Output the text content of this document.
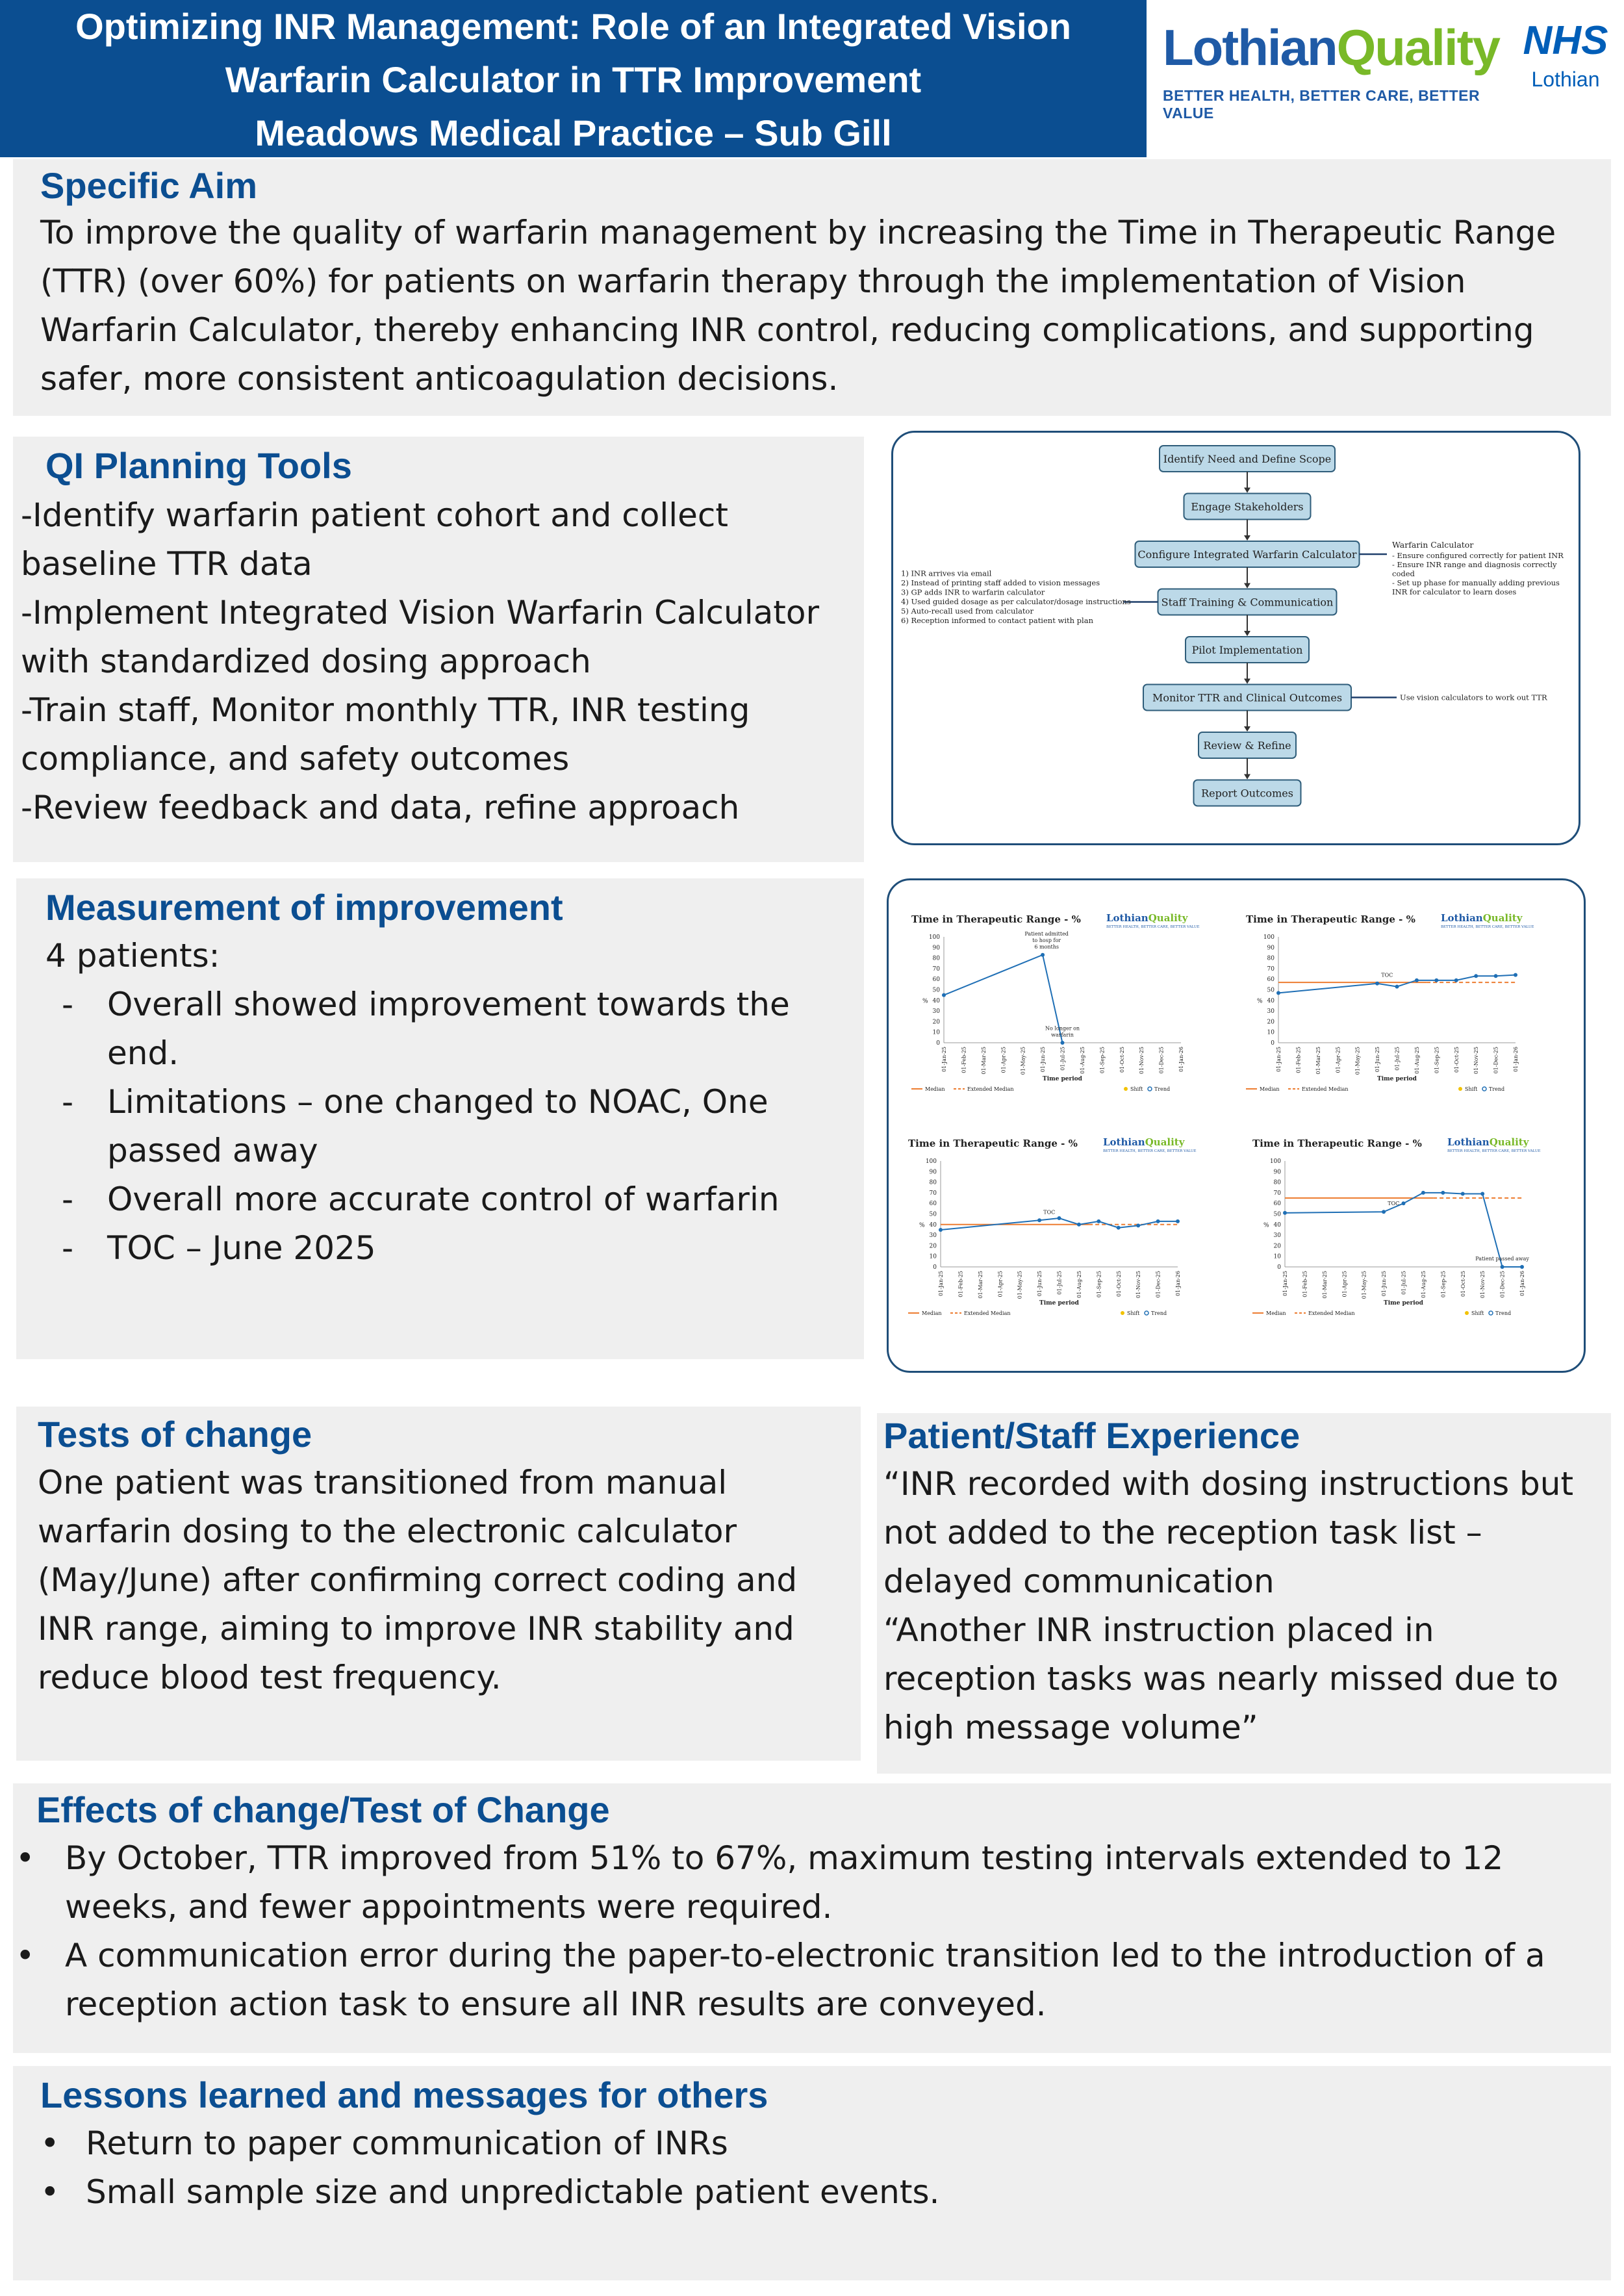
Optimizing INR Management: Role of an Integrated Vision
Warfarin Calculator in TTR Improvement
Meadows Medical Practice – Sub Gill
LothianQuality
BETTER HEALTH, BETTER CARE, BETTER VALUE
NHS
Lothian
Specific Aim
To improve the quality of warfarin management by increasing the Time in Therapeutic Range
(TTR) (over 60%) for patients on warfarin therapy through the implementation of Vision
Warfarin Calculator, thereby enhancing INR control, reducing complications, and supporting
safer, more consistent anticoagulation decisions.
QI Planning Tools
-Identify warfarin patient cohort and collect
baseline TTR data
-Implement Integrated Vision Warfarin Calculator
with standardized dosing approach
-Train staff, Monitor monthly TTR, INR testing
compliance, and safety outcomes
-Review feedback and data, refine approach
Identify Need and Define Scope
Engage Stakeholders
Configure Integrated Warfarin Calculator
Staff Training & Communication
Pilot Implementation
Monitor TTR and Clinical Outcomes
Review & Refine
Report Outcomes
Warfarin Calculator
- Ensure configured correctly for patient INR
- Ensure INR range and diagnosis correctly
coded
- Set up phase for manually adding previous
INR for calculator to learn doses
1) INR arrives via email
2) Instead of printing staff added to vision messages
3) GP adds INR to warfarin calculator
4) Used guided dosage as per calculator/dosage instructions
5) Auto-recall used from calculator
6) Reception informed to contact patient with plan
Use vision calculators to work out TTR
Measurement of improvement
4 patients:
- Overall showed improvement towards the
end.
- Limitations – one changed to NOAC, One
passed away
- Overall more accurate control of warfarin
- TOC – June 2025
Time in Therapeutic Range - %	LothianQuality
BETTER HEALTH, BETTER CARE, BETTER VALUE
0
10
20
30
40
50
60
70
80
90
100
%
01-Jan-25	01-Feb-25	01-Mar-25	01-Apr-25	01-May-25	01-Jun-25	01-Jul-25	01-Aug-25	01-Sep-25	01-Oct-25	01-Nov-25	01-Dec-25	01-Jan-26
Time period
Patient admitted
to hosp for
6 months
No longer on
warfarin
Median	Extended Median	Shift Trend
Time in Therapeutic Range - %	LothianQuality
BETTER HEALTH, BETTER CARE, BETTER VALUE
0
10
20
30
40
50
60
70
80
90
100
%
01-Jan-25	01-Feb-25	01-Mar-25	01-Apr-25	01-May-25	01-Jun-25	01-Jul-25	01-Aug-25	01-Sep-25	01-Oct-25	01-Nov-25	01-Dec-25	01-Jan-26
Time period
TOC
Median	Extended Median	Shift Trend
Time in Therapeutic Range - %	LothianQuality
BETTER HEALTH, BETTER CARE, BETTER VALUE
0
10
20
30
40
50
60
70
80
90
100
%
01-Jan-25	01-Feb-25	01-Mar-25	01-Apr-25	01-May-25	01-Jun-25	01-Jul-25	01-Aug-25	01-Sep-25	01-Oct-25	01-Nov-25	01-Dec-25	01-Jan-26
Time period
TOC
Median	Extended Median	Shift Trend
Time in Therapeutic Range - %	LothianQuality
BETTER HEALTH, BETTER CARE, BETTER VALUE
0
10
20
30
40
50
60
70
80
90
100
%
01-Jan-25	01-Feb-25	01-Mar-25	01-Apr-25	01-May-25	01-Jun-25	01-Jul-25	01-Aug-25	01-Sep-25	01-Oct-25	01-Nov-25	01-Dec-25	01-Jan-26
Time period
TOC
Patient passed away
Median	Extended Median	Shift Trend
Tests of change
One patient was transitioned from manual
warfarin dosing to the electronic calculator
(May/June) after confirming correct coding and
INR range, aiming to improve INR stability and
reduce blood test frequency.
Patient/Staff Experience
“INR recorded with dosing instructions but
not added to the reception task list –
delayed communication
“Another INR instruction placed in
reception tasks was nearly missed due to
high message volume”
Effects of change/Test of Change
• By October, TTR improved from 51% to 67%, maximum testing intervals extended to 12
weeks, and fewer appointments were required.
• A communication error during the paper-to-electronic transition led to the introduction of a
reception action task to ensure all INR results are conveyed.
Lessons learned and messages for others
• Return to paper communication of INRs
• Small sample size and unpredictable patient events.
